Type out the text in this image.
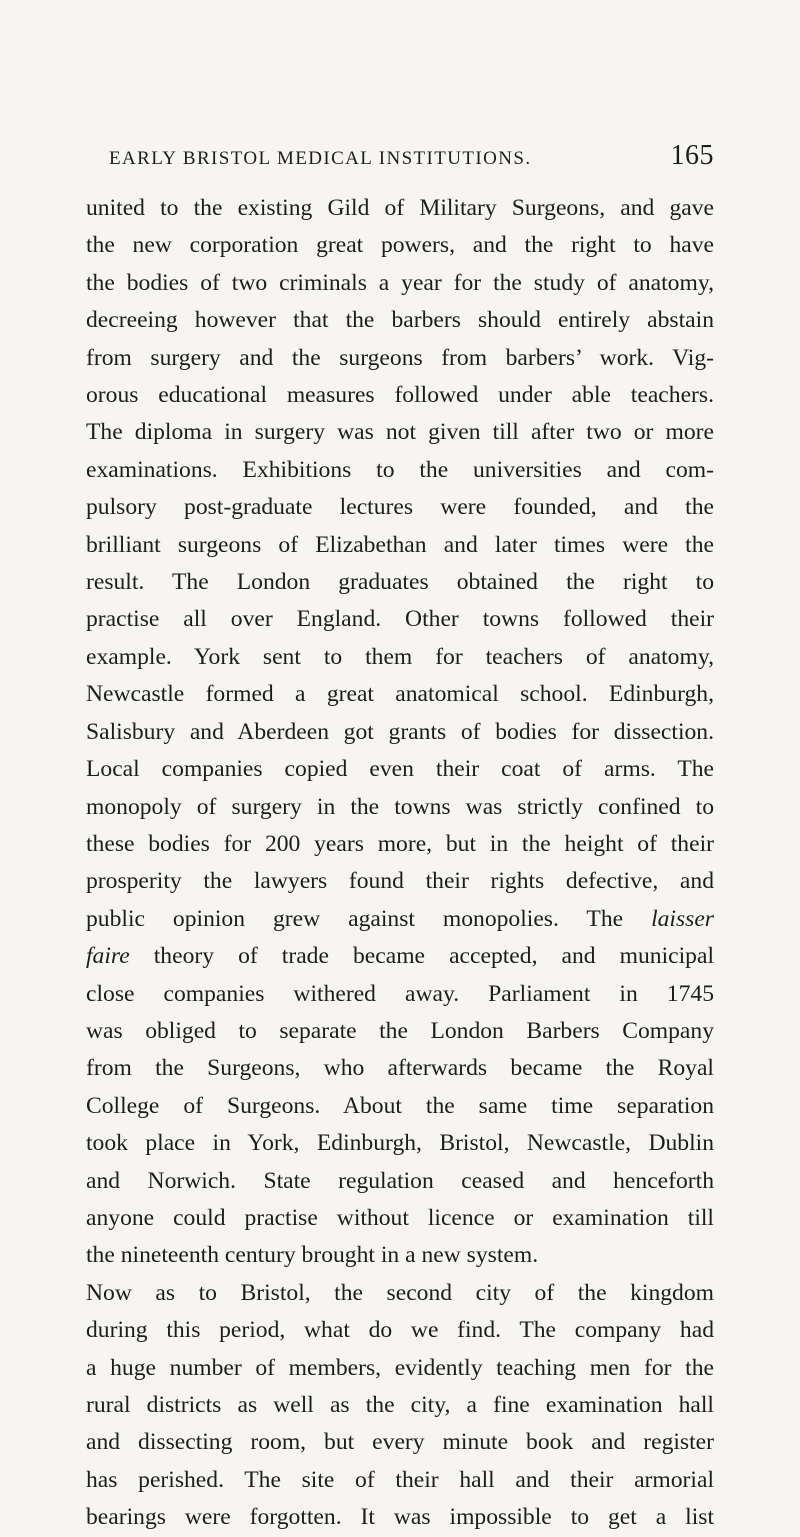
EARLY BRISTOL MEDICAL INSTITUTIONS.	165
united to the existing Gild of Military Surgeons, and gave
the new corporation great powers, and the right to have
the bodies of two criminals a year for the study of anatomy,
decreeing however that the barbers should entirely abstain
from surgery and the surgeons from barbers’ work. Vig-
orous educational measures followed under able teachers.
The diploma in surgery was not given till after two or more
examinations. Exhibitions to the universities and com-
pulsory post-graduate lectures were founded, and the
brilliant surgeons of Elizabethan and later times were the
result. The London graduates obtained the right to
practise all over England. Other towns followed their
example. York sent to them for teachers of anatomy,
Newcastle formed a great anatomical school. Edinburgh,
Salisbury and Aberdeen got grants of bodies for dissection.
Local companies copied even their coat of arms. The
monopoly of surgery in the towns was strictly confined to
these bodies for 200 years more, but in the height of their
prosperity the lawyers found their rights defective, and
public opinion grew against monopolies. The laisser
faire theory of trade became accepted, and municipal
close companies withered away. Parliament in 1745
was obliged to separate the London Barbers Company
from the Surgeons, who afterwards became the Royal
College of Surgeons. About the same time separation
took place in York, Edinburgh, Bristol, Newcastle, Dublin
and Norwich. State regulation ceased and henceforth
anyone could practise without licence or examination till
the nineteenth century brought in a new system.
Now as to Bristol, the second city of the kingdom
during this period, what do we find. The company had
a huge number of members, evidently teaching men for the
rural districts as well as the city, a fine examination hall
and dissecting room, but every minute book and register
has perished. The site of their hall and their armorial
bearings were forgotten. It was impossible to get a list
